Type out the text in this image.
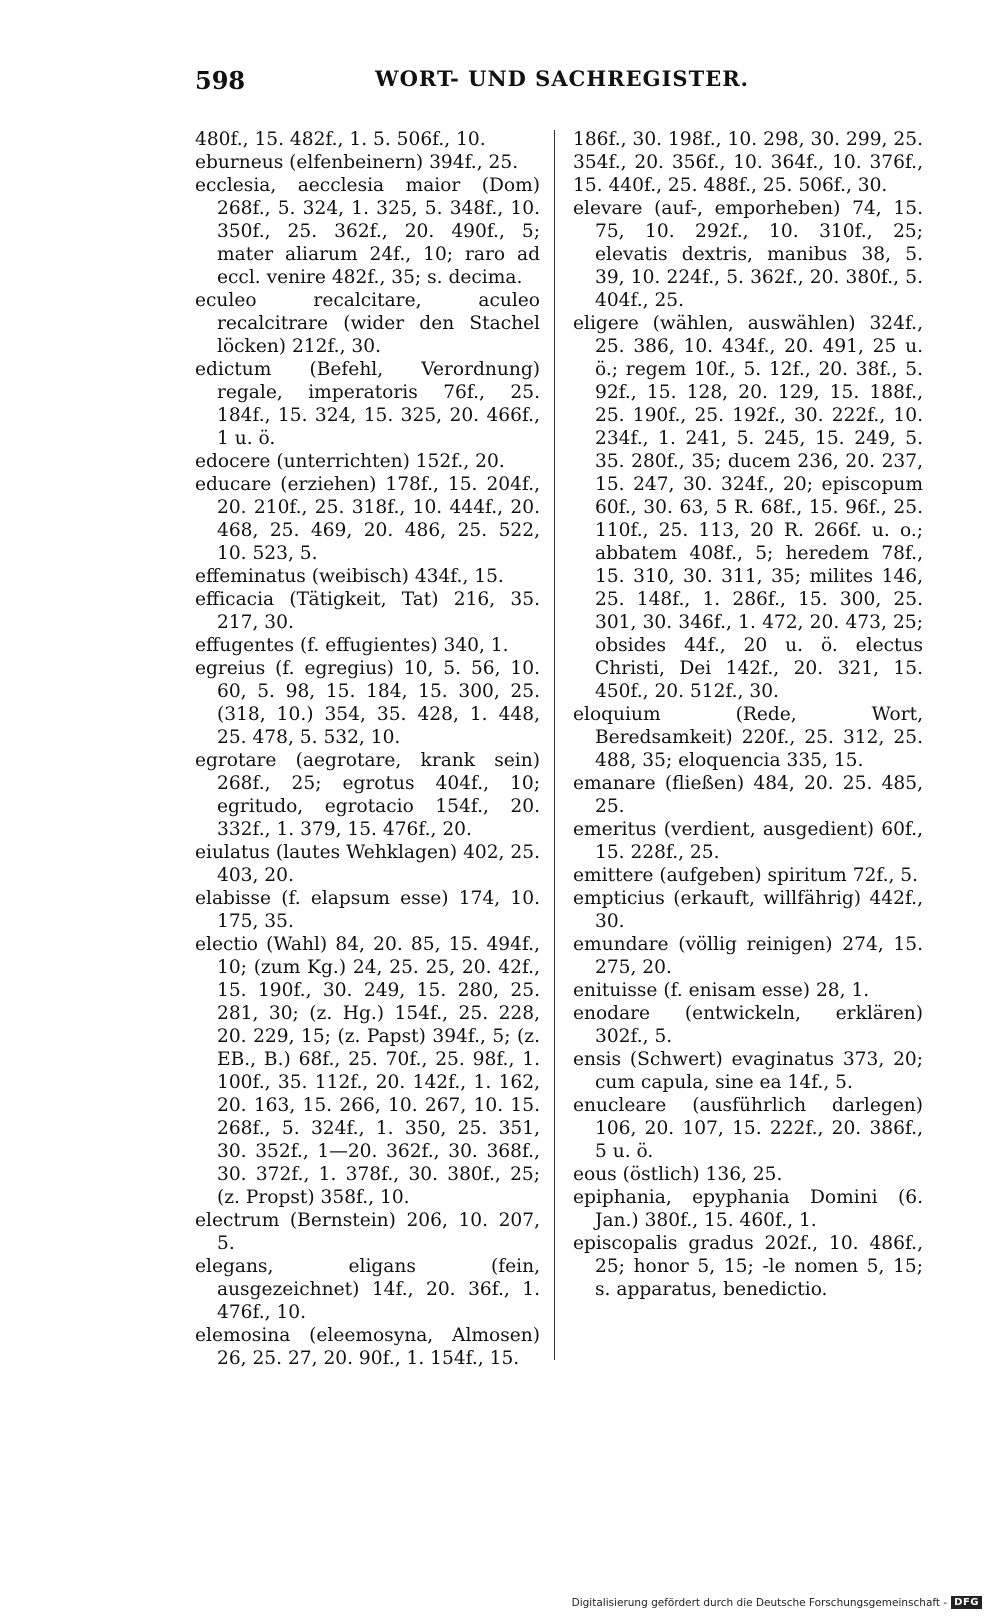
598	WORT- UND SACHREGISTER.
480f., 15. 482f., 1. 5. 506f., 10.
eburneus (elfenbeinern) 394f., 25.
ecclesia, aecclesia maior (Dom) 268f., 5. 324, 1. 325, 5. 348f., 10. 350f., 25. 362f., 20. 490f., 5; mater aliarum 24f., 10; raro ad eccl. venire 482f., 35; s. decima.
eculeo recalcitare, aculeo recalcitrare (wider den Stachel löcken) 212f., 30.
edictum (Befehl, Verordnung) regale, imperatoris 76f., 25. 184f., 15. 324, 15. 325, 20. 466f., 1 u. ö.
edocere (unterrichten) 152f., 20.
educare (erziehen) 178f., 15. 204f., 20. 210f., 25. 318f., 10. 444f., 20. 468, 25. 469, 20. 486, 25. 522, 10. 523, 5.
effeminatus (weibisch) 434f., 15.
efficacia (Tätigkeit, Tat) 216, 35. 217, 30.
effugentes (f. effugientes) 340, 1.
egreius (f. egregius) 10, 5. 56, 10. 60, 5. 98, 15. 184, 15. 300, 25. (318, 10.) 354, 35. 428, 1. 448, 25. 478, 5. 532, 10.
egrotare (aegrotare, krank sein) 268f., 25; egrotus 404f., 10; egritudo, egrotacio 154f., 20. 332f., 1. 379, 15. 476f., 20.
eiulatus (lautes Wehklagen) 402, 25. 403, 20.
elabisse (f. elapsum esse) 174, 10. 175, 35.
electio (Wahl) 84, 20. 85, 15. 494f., 10; (zum Kg.) 24, 25. 25, 20. 42f., 15. 190f., 30. 249, 15. 280, 25. 281, 30; (z. Hg.) 154f., 25. 228, 20. 229, 15; (z. Papst) 394f., 5; (z. EB., B.) 68f., 25. 70f., 25. 98f., 1. 100f., 35. 112f., 20. 142f., 1. 162, 20. 163, 15. 266, 10. 267, 10. 15. 268f., 5. 324f., 1. 350, 25. 351, 30. 352f., 1—20. 362f., 30. 368f., 30. 372f., 1. 378f., 30. 380f., 25; (z. Propst) 358f., 10.
electrum (Bernstein) 206, 10. 207, 5.
elegans, eligans (fein, ausgezeichnet) 14f., 20. 36f., 1. 476f., 10.
elemosina (eleemosyna, Almosen) 26, 25. 27, 20. 90f., 1. 154f., 15.
186f., 30. 198f., 10. 298, 30. 299, 25. 354f., 20. 356f., 10. 364f., 10. 376f., 15. 440f., 25. 488f., 25. 506f., 30.
elevare (auf-, emporheben) 74, 15. 75, 10. 292f., 10. 310f., 25; elevatis dextris, manibus 38, 5. 39, 10. 224f., 5. 362f., 20. 380f., 5. 404f., 25.
eligere (wählen, auswählen) 324f., 25. 386, 10. 434f., 20. 491, 25 u. ö.; regem 10f., 5. 12f., 20. 38f., 5. 92f., 15. 128, 20. 129, 15. 188f., 25. 190f., 25. 192f., 30. 222f., 10. 234f., 1. 241, 5. 245, 15. 249, 5. 35. 280f., 35; ducem 236, 20. 237, 15. 247, 30. 324f., 20; episcopum 60f., 30. 63, 5 R. 68f., 15. 96f., 25. 110f., 25. 113, 20 R. 266f. u. o.; abbatem 408f., 5; heredem 78f., 15. 310, 30. 311, 35; milites 146, 25. 148f., 1. 286f., 15. 300, 25. 301, 30. 346f., 1. 472, 20. 473, 25; obsides 44f., 20 u. ö. electus Christi, Dei 142f., 20. 321, 15. 450f., 20. 512f., 30.
eloquium (Rede, Wort, Beredsamkeit) 220f., 25. 312, 25. 488, 35; eloquencia 335, 15.
emanare (fließen) 484, 20. 25. 485, 25.
emeritus (verdient, ausgedient) 60f., 15. 228f., 25.
emittere (aufgeben) spiritum 72f., 5.
empticius (erkauft, willfährig) 442f., 30.
emundare (völlig reinigen) 274, 15. 275, 20.
enituisse (f. enisam esse) 28, 1.
enodare (entwickeln, erklären) 302f., 5.
ensis (Schwert) evaginatus 373, 20; cum capula, sine ea 14f., 5.
enucleare (ausführlich darlegen) 106, 20. 107, 15. 222f., 20. 386f., 5 u. ö.
eous (östlich) 136, 25.
epiphania, epyphania Domini (6. Jan.) 380f., 15. 460f., 1.
episcopalis gradus 202f., 10. 486f., 25; honor 5, 15; -le nomen 5, 15; s. apparatus, benedictio.
Digitalisierung gefördert durch die Deutsche Forschungsgemeinschaft - DFG
